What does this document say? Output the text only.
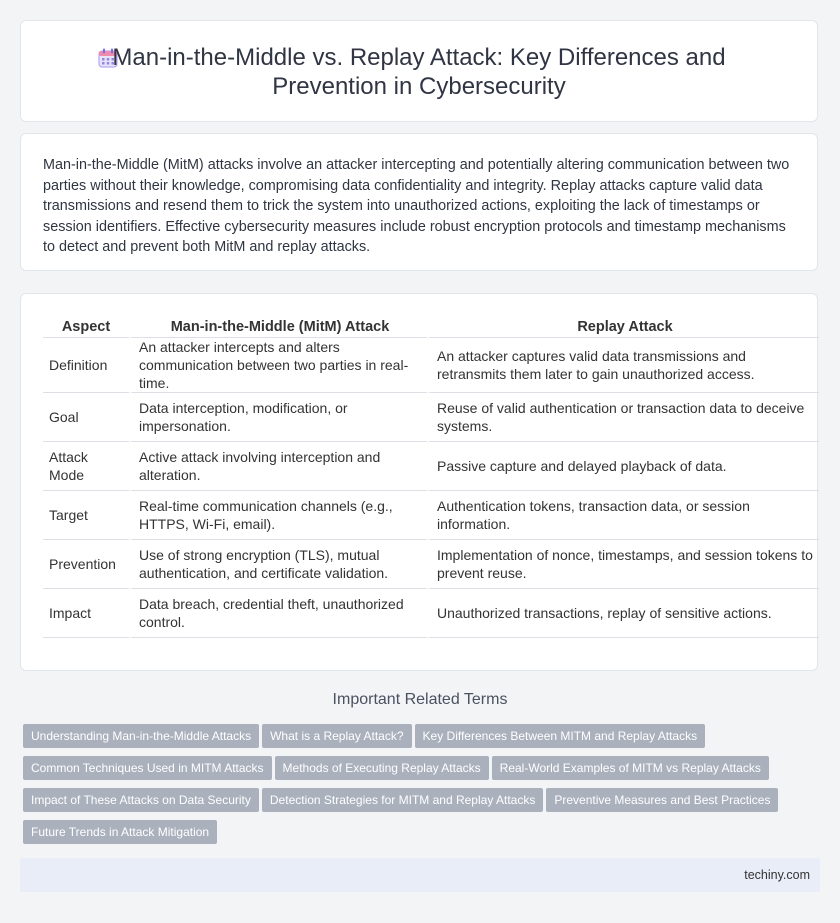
Man-in-the-Middle vs. Replay Attack: Key Differences and Prevention in Cybersecurity

Man-in-the-Middle (MitM) attacks involve an attacker intercepting and potentially altering communication between two parties without their knowledge, compromising data confidentiality and integrity. Replay attacks capture valid data transmissions and resend them to trick the system into unauthorized actions, exploiting the lack of timestamps or session identifiers. Effective cybersecurity measures include robust encryption protocols and timestamp mechanisms to detect and prevent both MitM and replay attacks.

Aspect	Man-in-the-Middle (MitM) Attack	Replay Attack
Definition	An attacker intercepts and alters communication between two parties in real-time.	An attacker captures valid data transmissions and retransmits them later to gain unauthorized access.
Goal	Data interception, modification, or impersonation.	Reuse of valid authentication or transaction data to deceive systems.
Attack Mode	Active attack involving interception and alteration.	Passive capture and delayed playback of data.
Target	Real-time communication channels (e.g., HTTPS, Wi-Fi, email).	Authentication tokens, transaction data, or session information.
Prevention	Use of strong encryption (TLS), mutual authentication, and certificate validation.	Implementation of nonce, timestamps, and session tokens to prevent reuse.
Impact	Data breach, credential theft, unauthorized control.	Unauthorized transactions, replay of sensitive actions.
Important Related Terms
Understanding Man-in-the-Middle Attacks What is a Replay Attack? Key Differences Between MITM and Replay Attacks
Common Techniques Used in MITM Attacks Methods of Executing Replay Attacks Real-World Examples of MITM vs Replay Attacks
Impact of These Attacks on Data Security Detection Strategies for MITM and Replay Attacks Preventive Measures and Best Practices
Future Trends in Attack Mitigation
techiny.com
